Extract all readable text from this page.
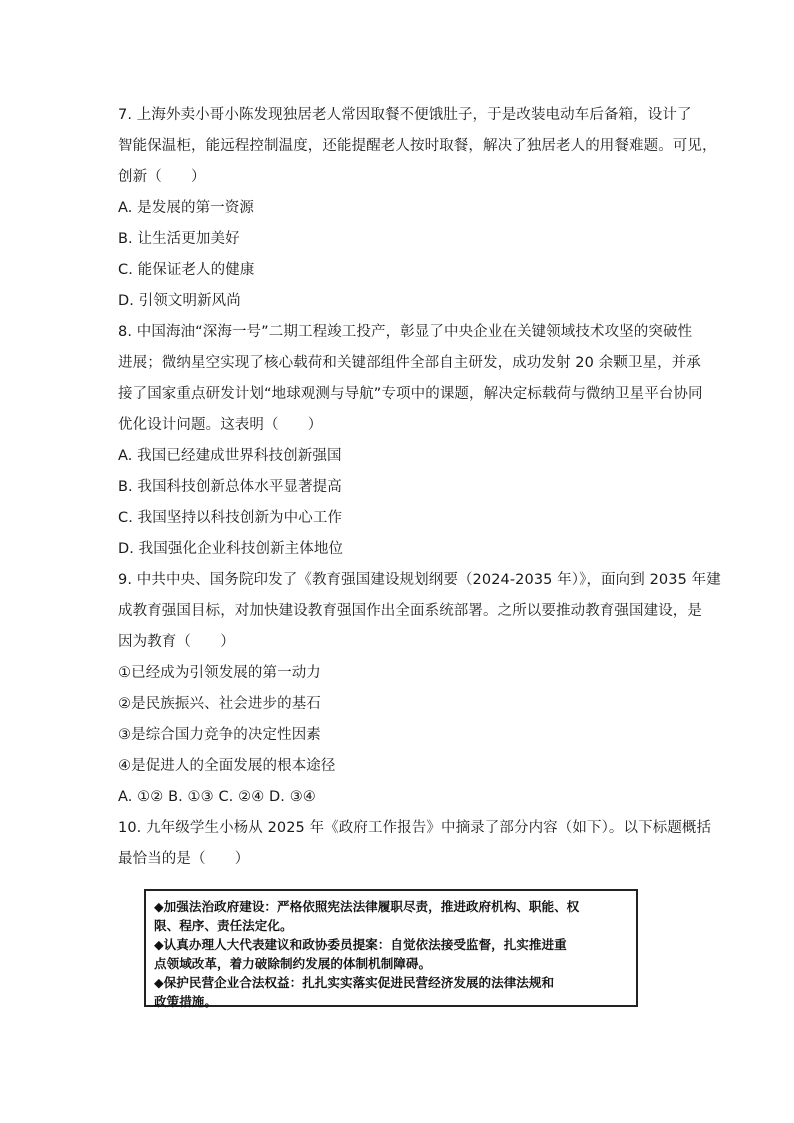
7. 上海外卖小哥小陈发现独居老人常因取餐不便饿肚子，于是改装电动车后备箱，设计了
智能保温柜，能远程控制温度，还能提醒老人按时取餐，解决了独居老人的用餐难题。可见，
创新（　　）
A. 是发展的第一资源
B. 让生活更加美好
C. 能保证老人的健康
D. 引领文明新风尚
8. 中国海油“深海一号”二期工程竣工投产，彰显了中央企业在关键领域技术攻坚的突破性
进展；微纳星空实现了核心载荷和关键部组件全部自主研发，成功发射 20 余颗卫星，并承
接了国家重点研发计划“地球观测与导航”专项中的课题，解决定标载荷与微纳卫星平台协同
优化设计问题。这表明（　　）
A. 我国已经建成世界科技创新强国
B. 我国科技创新总体水平显著提高
C. 我国坚持以科技创新为中心工作
D. 我国强化企业科技创新主体地位
9. 中共中央、国务院印发了《教育强国建设规划纲要（2024-2035 年）》，面向到 2035 年建
成教育强国目标，对加快建设教育强国作出全面系统部署。之所以要推动教育强国建设，是
因为教育（　　）
①已经成为引领发展的第一动力
②是民族振兴、社会进步的基石
③是综合国力竞争的决定性因素
④是促进人的全面发展的根本途径
A. ①② B. ①③ C. ②④ D. ③④
10. 九年级学生小杨从 2025 年《政府工作报告》中摘录了部分内容（如下）。以下标题概括
最恰当的是（　　）

◆加强法治政府建设：严格依照宪法法律履职尽责，推进政府机构、职能、权

限、程序、责任法定化。

◆认真办理人大代表建议和政协委员提案：自觉依法接受监督，扎实推进重

点领域改革，着力破除制约发展的体制机制障碍。

◆保护民营企业合法权益：扎扎实实落实促进民营经济发展的法律法规和

政策措施。
